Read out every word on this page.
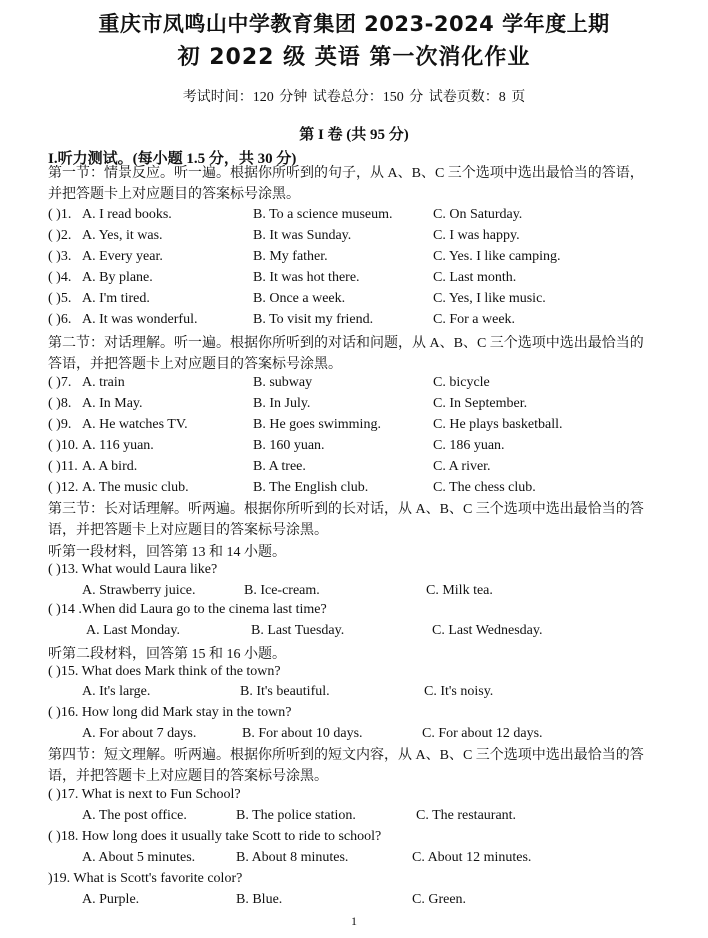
重庆市凤鸣山中学教育集团 2023-2024 学年度上期
初 2022 级 英语 第一次消化作业
考试时间：120 分钟 试卷总分：150 分 试卷页数：8 页
第 I 卷 (共 95 分)
I.听力测试。(每小题 1.5 分，共 30 分)
第一节：情景反应。听一遍。根据你所听到的句子，从 A、B、C 三个选项中选出最恰当的答语，并把答题卡上对应题目的答案标号涂黑。
( )1. A. I read books.	B. To a science museum.	C. On Saturday.
( )2. A. Yes, it was.	B. It was Sunday.	C. I was happy.
( )3. A. Every year.	B. My father.	C. Yes. I like camping.
( )4. A. By plane.	B. It was hot there.	C. Last month.
( )5. A. I'm tired.	B. Once a week.	C. Yes, I like music.
( )6. A. It was wonderful.	B. To visit my friend.	C. For a week.
第二节：对话理解。听一遍。根据你所听到的对话和问题，从 A、B、C 三个选项中选出最恰当的答语，并把答题卡上对应题目的答案标号涂黑。
( )7. A. train	B. subway	C. bicycle
( )8. A. In May.	B. In July.	C. In September.
( )9. A. He watches TV.	B. He goes swimming.	C. He plays basketball.
( )10. A. 116 yuan.	B. 160 yuan.	C. 186 yuan.
( )11. A. A bird.	B. A tree.	C. A river.
( )12. A. The music club.	B. The English club.	C. The chess club.
第三节：长对话理解。听两遍。根据你所听到的长对话，从 A、B、C 三个选项中选出最恰当的答语，并把答题卡上对应题目的答案标号涂黑。
听第一段材料，回答第 13 和 14 小题。
( )13. What would Laura like?
A. Strawberry juice.	B. Ice-cream.	C. Milk tea.
( )14 .When did Laura go to the cinema last time?
A. Last Monday.	B. Last Tuesday.	C. Last Wednesday.
听第二段材料，回答第 15 和 16 小题。
( )15. What does Mark think of the town?
A. It's large.	B. It's beautiful.	C. It's noisy.
( )16. How long did Mark stay in the town?
A. For about 7 days.	B. For about 10 days.	C. For about 12 days.
第四节：短文理解。听两遍。根据你所听到的短文内容，从 A、B、C 三个选项中选出最恰当的答语，并把答题卡上对应题目的答案标号涂黑。
( )17. What is next to Fun School?
A. The post office.	B. The police station.	C. The restaurant.
( )18. How long does it usually take Scott to ride to school?
A. About 5 minutes.	B. About 8 minutes.	C. About 12 minutes.
)19. What is Scott's favorite color?
A. Purple.	B. Blue.	C. Green.
1
